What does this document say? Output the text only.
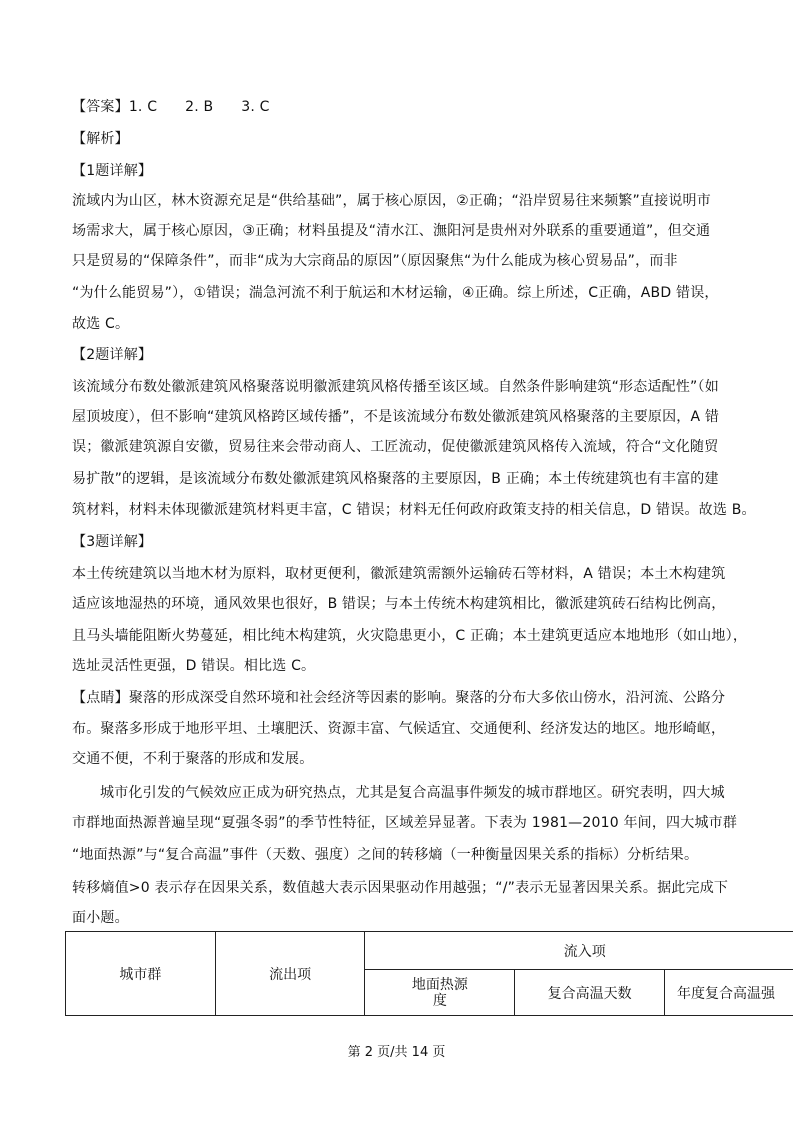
【答案】1. C      2. B      3. C
【解析】
【1题详解】
流域内为山区，林木资源充足是“供给基础”，属于核心原因，②正确；“沿岸贸易往来频繁”直接说明市
场需求大，属于核心原因，③正确；材料虽提及“清水江、潕阳河是贵州对外联系的重要通道”，但交通
只是贸易的“保障条件”，而非“成为大宗商品的原因”（原因聚焦“为什么能成为核心贸易品”，而非
“为什么能贸易”），①错误；湍急河流不利于航运和木材运输，④正确。综上所述，C正确，ABD 错误，
故选 C。
【2题详解】
该流域分布数处徽派建筑风格聚落说明徽派建筑风格传播至该区域。自然条件影响建筑“形态适配性”（如
屋顶坡度），但不影响“建筑风格跨区域传播”，不是该流域分布数处徽派建筑风格聚落的主要原因，A 错
误；徽派建筑源自安徽，贸易往来会带动商人、工匠流动，促使徽派建筑风格传入流域，符合“文化随贸
易扩散”的逻辑，是该流域分布数处徽派建筑风格聚落的主要原因，B 正确；本土传统建筑也有丰富的建
筑材料，材料未体现徽派建筑材料更丰富，C 错误；材料无任何政府政策支持的相关信息，D 错误。故选 B。
【3题详解】
本土传统建筑以当地木材为原料，取材更便利，徽派建筑需额外运输砖石等材料，A 错误；本土木构建筑
适应该地湿热的环境，通风效果也很好，B 错误；与本土传统木构建筑相比，徽派建筑砖石结构比例高，
且马头墙能阻断火势蔓延，相比纯木构建筑，火灾隐患更小，C 正确；本土建筑更适应本地地形（如山地），
选址灵活性更强，D 错误。相比选 C。
【点睛】聚落的形成深受自然环境和社会经济等因素的影响。聚落的分布大多依山傍水，沿河流、公路分
布。聚落多形成于地形平坦、土壤肥沃、资源丰富、气候适宜、交通便利、经济发达的地区。地形崎岖，
交通不便，不利于聚落的形成和发展。
城市化引发的气候效应正成为研究热点，尤其是复合高温事件频发的城市群地区。研究表明，四大城
市群地面热源普遍呈现“夏强冬弱”的季节性特征，区域差异显著。下表为 1981—2010 年间，四大城市群
“地面热源”与“复合高温”事件（天数、强度）之间的转移熵（一种衡量因果关系的指标）分析结果。
转移熵值>0 表示存在因果关系，数值越大表示因果驱动作用越强；“/”表示无显著因果关系。据此完成下
面小题。
城市群	流出项	流入项		

		地面热源度	复合高温天数	年度复合高温强
第 2 页/共 14 页
